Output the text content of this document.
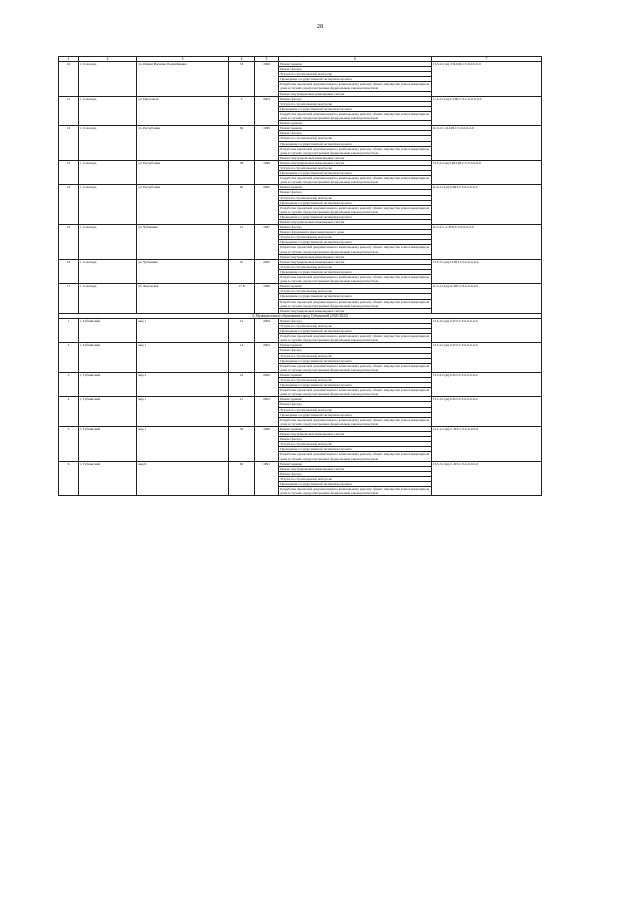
28
1	2	3	4	5	6	7
10	г. Салехард	ул. Имени Василия Подшибякина	33	1996	Ремонт крыши	П-5-2-С(м)-УП-ЦП-СЭ-0-0-0-0-0
					Ремонт фасада	
					Услуги по строительному контролю	
					Проведение государственной экспертизы проекта	
					Разработка проектной документации по капитальному ремонту общего имущества в многоквартирном доме в случаях, предусмотренных федеральным законодательством	
					Ремонт внутридомовых инженерных систем	
11	г. Салехард	ул. Цветочная	3	2004	Ремонт фасада	С-4-2-С(м)-С-ПП-СЭ-С-0-0-0-0-0
					Услуги по строительному контролю	
					Проведение государственной экспертизы проекта	
					Разработка проектной документации по капитальному ремонту общего имущества в многоквартирном доме в случаях, предусмотренных федеральным законодательством	
					Ремонт крыши	
12	г. Салехард	ул. Республики	69	1999	Ремонт крыши	К-3-2-С-О-ЦП-СЭ-0-0-0-0-0
					Ремонт фасада	
					Услуги по строительному контролю	
					Проведение государственной экспертизы проекта	
					Разработка проектной документации по капитальному ремонту общего имущества в многоквартирном доме в случаях, предусмотренных федеральным законодательством	
					Ремонт внутридомовых инженерных систем	
13	г. Салехард	ул. Республики	58	1999	Ремонт внутридомовых инженерных систем	П-5-2-С(м)-ЦП-ЦП-СЭ-0-0-0-0-0
					Услуги по строительному контролю	
					Проведение государственной экспертизы проекта	
					Разработка проектной документации по капитальному ремонту общего имущества в многоквартирном доме в случаях, предусмотренных федеральным законодательством	
14	г. Салехард	ул. Республики	60	2000	Ремонт крыши	К-4-4-С(м)-0-ЦП-СЭ-0-0-0-0-0
					Ремонт фасада	
					Услуги по строительному контролю	
					Проведение государственной экспертизы проекта	
					Разработка проектной документации по капитальному ремонту общего имущества в многоквартирном доме в случаях, предусмотренных федеральным законодательством	
					Проведение государственной экспертизы проекта	
					Ремонт внутридомовых инженерных систем	
15	г. Салехард	ул. Чубынина	12	1987	Ремонт фасада	К-3-4-С-С-ПП-СЭ-0-0-0-0-0
					Ремонт фундамента многоквартирного дома	
					Услуги по строительному контролю	
					Проведение государственной экспертизы проекта	
					Разработка проектной документации по капитальному ремонту общего имущества в многоквартирном доме в случаях, предусмотренных федеральным законодательством	
					Ремонт внутридомовых инженерных систем	
16	г. Салехард	ул. Чубынина	25	2000	Ремонт внутридомовых инженерных систем	П-5-3-С(м)-П-ПП-СЭ-0-0-0-0-0
					Услуги по строительному контролю	
					Проведение государственной экспертизы проекта	
					Разработка проектной документации по капитальному ремонту общего имущества в многоквартирном доме в случаях, предусмотренных федеральным законодательством	
17	г. Салехард	ул. Ямальская	17 Б	1998	Ремонт крыши	К-3-2-С(м)-О-ПП-СЭ-0-0-0-0-0
					Услуги по строительному контролю	
					Проведение государственной экспертизы проекта	
					Разработка проектной документации по капитальному ремонту общего имущества в многоквартирном доме в случаях, предусмотренных федеральным законодательством	
					Ремонт внутридомовых инженерных систем	
2. Муниципальное образование город Губкинский (2020-2022)						
1	г. Губкинский	мкр 1	12	2009	Ремонт фасада	П-5-3-С(м)-0-ПЭ-СЭ-0-0-0-0-0
					Услуги по строительному контролю	
					Проведение государственной экспертизы проекта	
					Разработка проектной документации по капитальному ремонту общего имущества в многоквартирном доме в случаях, предусмотренных федеральным законодательством	
2	г. Губкинский	мкр 1	14	2002	Ремонт крыши	П-5-2-С(м)-0-ПЭ-СЭ-0-0-0-0-0
					Ремонт фасада	
					Услуги по строительному контролю	
					Проведение государственной экспертизы проекта	
					Разработка проектной документации по капитальному ремонту общего имущества в многоквартирном доме в случаях, предусмотренных федеральным законодательством	
3	г. Губкинский	мкр 3	16	2000	Ремонт крыши	П-5-2-С(м)-0-ПЭ-СЭ-0-0-0-0-0
					Услуги по строительному контролю	
					Проведение государственной экспертизы проекта	
					Разработка проектной документации по капитальному ремонту общего имущества в многоквартирном доме в случаях, предусмотренных федеральным законодательством	
4	г. Губкинский	мкр 1	21	2005	Ремонт крыши	П-5-3-С(м)-0-ПЭ-СЭ-0-0-0-0-0
					Ремонт фасада	
					Услуги по строительному контролю	
					Проведение государственной экспертизы проекта	
					Разработка проектной документации по капитальному ремонту общего имущества в многоквартирном доме в случаях, предусмотренных федеральным законодательством	
5	г. Губкинский	мкр 1	56	1996	Ремонт крыши	П-2-2-С(м)-С-ПЭ-СЭ-0-0-0-0-0
					Ремонт внутридомовых инженерных систем	
					Ремонт фасада	
					Услуги по строительному контролю	
					Проведение государственной экспертизы проекта	
					Разработка проектной документации по капитальному ремонту общего имущества в многоквартирном доме в случаях, предусмотренных федеральным законодательством	
6	г. Губкинский	мкр 6	62	1991	Ремонт крыши	П-5-3-С(м)-С-ПЭ-СЭ-0-0-0-0-0
					Ремонт внутридомовых инженерных систем	
					Ремонт фасада	
					Услуги по строительному контролю	
					Проведение государственной экспертизы проекта	
					Разработка проектной документации по капитальному ремонту общего имущества в многоквартирном доме в случаях, предусмотренных федеральным законодательством	
